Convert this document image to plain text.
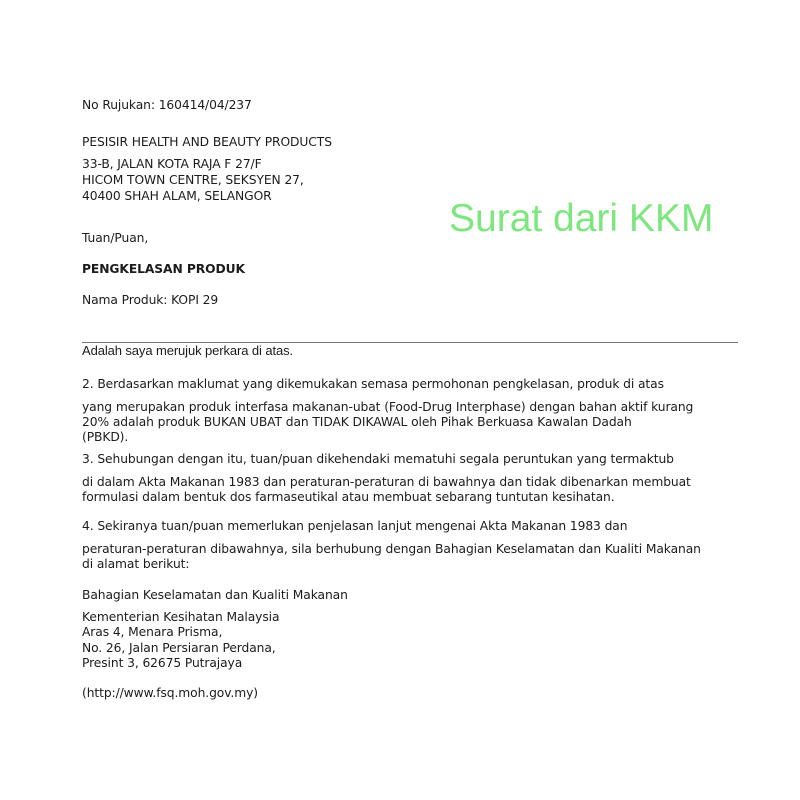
No Rujukan: 160414/04/237
PESISIR HEALTH AND BEAUTY PRODUCTS
33-B, JALAN KOTA RAJA F 27/F
HICOM TOWN CENTRE, SEKSYEN 27,
40400 SHAH ALAM, SELANGOR
Surat dari KKM
Tuan/Puan,
PENGKELASAN PRODUK
Nama Produk: KOPI 29
Adalah saya merujuk perkara di atas.
2. Berdasarkan maklumat yang dikemukakan semasa permohonan pengkelasan, produk di atas
yang merupakan produk interfasa makanan-ubat (Food-Drug Interphase) dengan bahan aktif kurang
20% adalah produk BUKAN UBAT dan TIDAK DIKAWAL oleh Pihak Berkuasa Kawalan Dadah
(PBKD).
3. Sehubungan dengan itu, tuan/puan dikehendaki mematuhi segala peruntukan yang termaktub
di dalam Akta Makanan 1983 dan peraturan-peraturan di bawahnya dan tidak dibenarkan membuat
formulasi dalam bentuk dos farmaseutikal atau membuat sebarang tuntutan kesihatan.
4. Sekiranya tuan/puan memerlukan penjelasan lanjut mengenai Akta Makanan 1983 dan
peraturan-peraturan dibawahnya, sila berhubung dengan Bahagian Keselamatan dan Kualiti Makanan
di alamat berikut:
Bahagian Keselamatan dan Kualiti Makanan
Kementerian Kesihatan Malaysia
Aras 4, Menara Prisma,
No. 26, Jalan Persiaran Perdana,
Presint 3, 62675 Putrajaya
(http://www.fsq.moh.gov.my)
